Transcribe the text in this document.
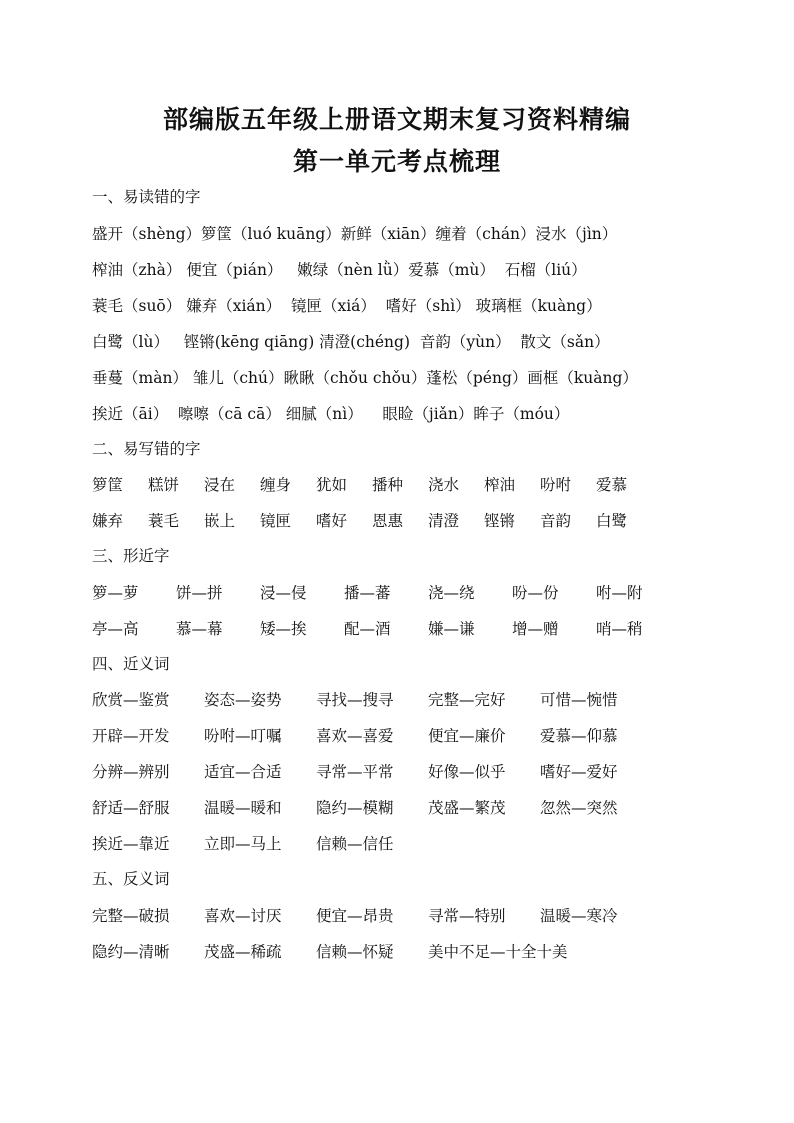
部编版五年级上册语文期末复习资料精编
第一单元考点梳理
一、易读错的字
盛开（shèng）箩筐（luó kuāng）新鲜（xiān）缠着（chán）浸水（jìn）
榨油（zhà） 便宜（pián）   嫩绿（nèn lǜ）爱慕（mù）  石榴（liú）
蓑毛（suō） 嫌弃（xián）  镜匣（xiá）  嗜好（shì） 玻璃框（kuàng）
白鹭（lù）   铿锵(kēng qiāng) 清澄(chéng)  音韵（yùn）  散文（sǎn）
垂蔓（màn） 雏儿（chú）瞅瞅（chǒu chǒu）蓬松（péng）画框（kuàng）
挨近（āi）  嚓嚓（cā cā） 细腻（nì）    眼睑（jiǎn）眸子（móu）
二、易写错的字
箩筐 糕饼 浸在 缠身 犹如 播种 浇水 榨油 吩咐 爱慕
嫌弃 蓑毛 嵌上 镜匣 嗜好 恩惠 清澄 铿锵 音韵 白鹭
三、形近字
箩—萝 饼—拼 浸—侵 播—蕃 浇—绕 吩—份 咐—附
亭—高 慕—幕 矮—挨 配—酒 嫌—谦 增—赠 哨—稍
四、近义词
欣赏—鉴赏 姿态—姿势 寻找—搜寻 完整—完好 可惜—惋惜
开辟—开发 吩咐—叮嘱 喜欢—喜爱 便宜—廉价 爱慕—仰慕
分辨—辨别 适宜—合适 寻常—平常 好像—似乎 嗜好—爱好
舒适—舒服 温暖—暖和 隐约—模糊 茂盛—繁茂 忽然—突然
挨近—靠近 立即—马上 信赖—信任
五、反义词
完整—破损 喜欢—讨厌 便宜—昂贵 寻常—特别 温暖—寒冷
隐约—清晰 茂盛—稀疏 信赖—怀疑 美中不足—十全十美
